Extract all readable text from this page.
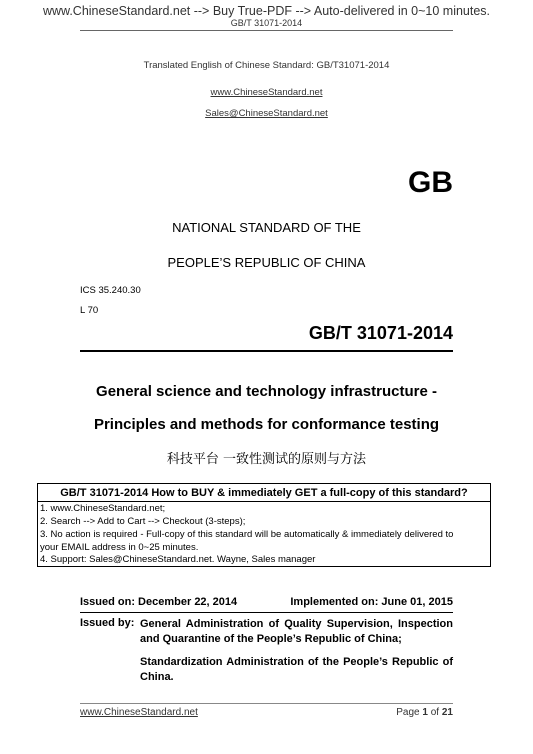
www.ChineseStandard.net --> Buy True-PDF --> Auto-delivered in 0~10 minutes.
GB/T 31071-2014
Translated English of Chinese Standard: GB/T31071-2014
www.ChineseStandard.net
Sales@ChineseStandard.net
GB
NATIONAL STANDARD OF THE
PEOPLE’S REPUBLIC OF CHINA
ICS 35.240.30
L 70
GB/T 31071-2014
General science and technology infrastructure -
Principles and methods for conformance testing
科技平台 一致性测试的原则与方法
GB/T 31071-2014 How to BUY & immediately GET a full-copy of this standard?
1. www.ChineseStandard.net;
2. Search --> Add to Cart --> Checkout (3-steps);
3. No action is required - Full-copy of this standard will be automatically & immediately delivered to
your EMAIL address in 0~25 minutes.
4. Support: Sales@ChineseStandard.net. Wayne, Sales manager
Issued on: December 22, 2014	Implemented on: June 01, 2015
Issued by: General Administration of Quality Supervision, Inspection and Quarantine of the People’s Republic of China;
Standardization Administration of the People’s Republic of China.
www.ChineseStandard.net	Page 1 of 21
